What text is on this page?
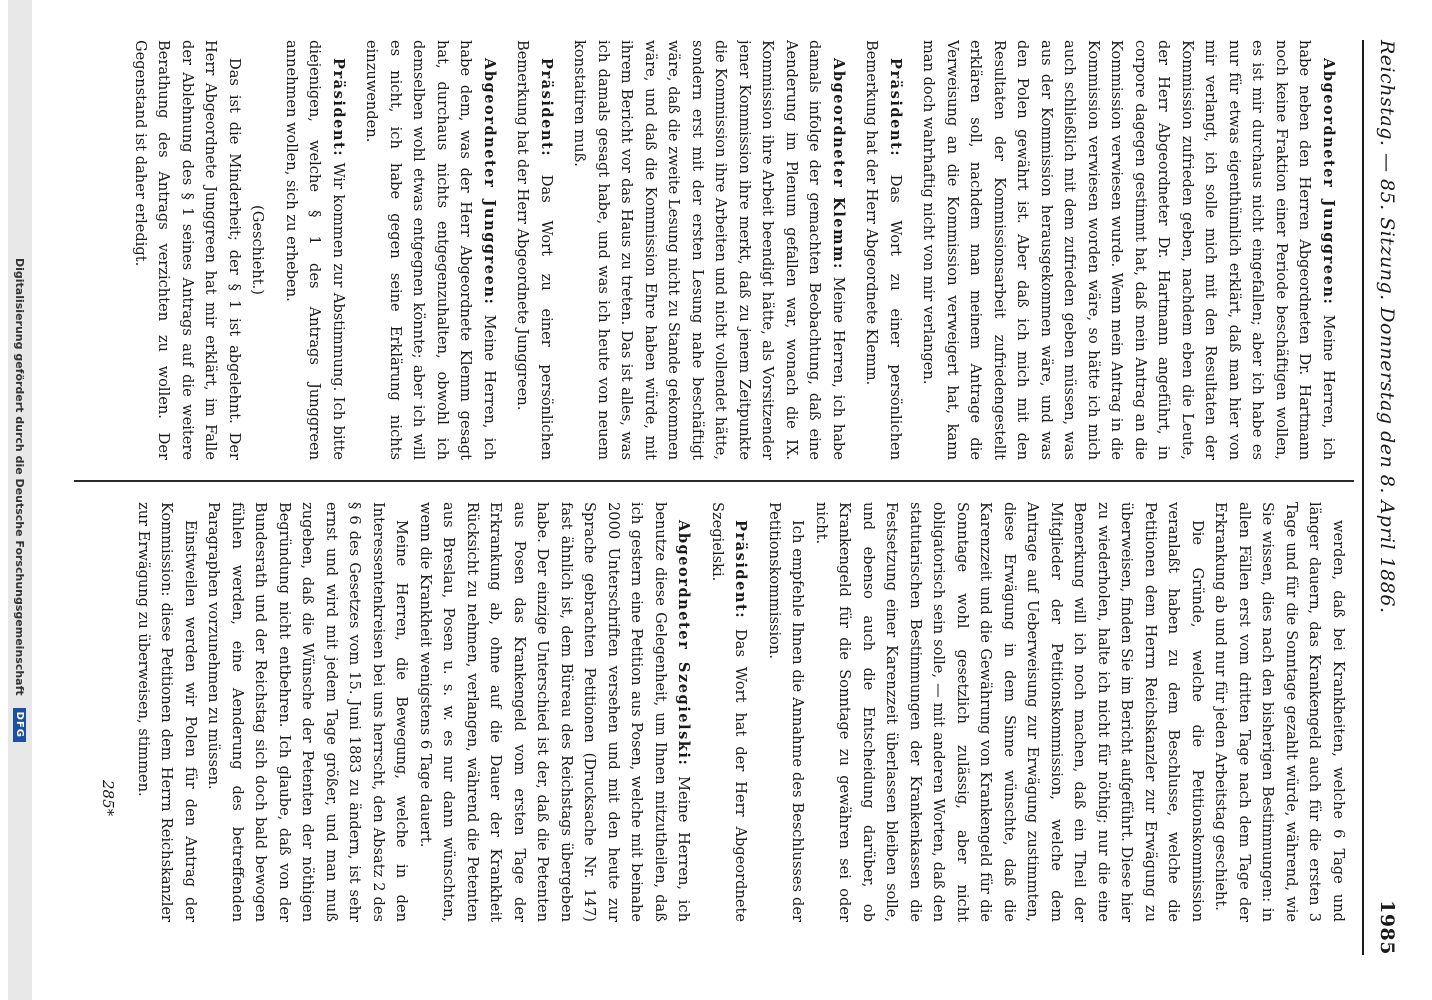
Reichstag. — 85. Sitzung. Donnerstag den 8. April 1886.
1985

Abgeordneter Junggreen: Meine Herren, ich habe neben den Herren Abgeordneten Dr. Hartmann noch keine Fraktion einer Periode beschäftigen wollen, es ist mir durchaus nicht eingefallen; aber ich habe es nur für etwas eigenthümlich erklärt, daß man hier von mir verlangt, ich solle mich mit den Resultaten der Kommission zufrieden geben, nachdem eben die Leute, der Herr Abgeordneter Dr. Hartmann angeführt, in corpore dagegen gestimmt hat, daß mein Antrag an die Kommission verwiesen wurde. Wenn mein Antrag in die Kommission verwiesen worden wäre, so hätte ich mich auch schließlich mit dem zufrieden geben müssen, was aus der Kommission herausgekommen wäre, und was den Polen gewährt ist. Aber daß ich mich mit den Resultaten der Kommissionsarbeit zufriedengestellt erklären soll, nachdem man meinem Antrage die Verweisung an die Kommission verweigert hat, kann man doch wahrhaftig nicht von mir verlangen.

Präsident: Das Wort zu einer persönlichen Bemerkung hat der Herr Abgeordnete Klemm.

Abgeordneter Klemm: Meine Herren, ich habe damals infolge der gemachten Beobachtung, daß eine Aenderung im Plenum gefallen war, wonach die IX. Kommission ihre Arbeit beendigt hätte, als Vorsitzender jener Kommission ihre merkt, daß zu jenem Zeitpunkte die Kommission ihre Arbeiten und nicht vollendet hätte, sondern erst mit der ersten Lesung nahe beschäftigt wäre, daß die zweite Lesung nicht zu Stande gekommen wäre, und daß die Kommission Ehre haben würde, mit ihrem Bericht vor das Haus zu treten. Das ist alles, was ich damals gesagt habe, und was ich heute von neuem konstatiren muß.

Präsident: Das Wort zu einer persönlichen Bemerkung hat der Herr Abgeordnete Junggreen.

Abgeordneter Junggreen: Meine Herren, ich habe dem, was der Herr Abgeordnete Klemm gesagt hat, durchaus nichts entgegenzuhalten, obwohl ich demselben wohl etwas entgegnen könnte; aber ich will es nicht, ich habe gegen seine Erklärung nichts einzuwenden.

Präsident: Wir kommen zur Abstimmung. Ich bitte diejenigen, welche § 1 des Antrags Junggreen annehmen wollen, sich zu erheben.

(Geschieht.)

Das ist die Minderheit; der § 1 ist abgelehnt. Der Herr Abgeordnete Junggreen hat mir erklärt, im Falle der Ablehnung des § 1 seines Antrags auf die weitere Berathung des Antrags verzichten zu wollen. Der Gegenstand ist daher erledigt.

werden, daß bei Krankheiten, welche 6 Tage und länger dauern, das Krankengeld auch für die ersten 3 Tage und für die Sonntage gezahlt würde, während, wie Sie wissen, dies nach den bisherigen Bestimmungen: in allen Fällen erst vom dritten Tage nach dem Tage der Erkrankung ab und nur für jeden Arbeitstag geschieht.

Die Gründe, welche die Petitionskommission veranlaßt haben zu dem Beschlusse, welche die Petitionen dem Herrn Reichskanzler zur Erwägung zu überweisen, finden Sie im Bericht aufgeführt. Diese hier zu wiederholen, halte ich nicht für nöthig; nur die eine Bemerkung will ich noch machen, daß ein Theil der Mitglieder der Petitionskommission, welche dem Antrage auf Ueberweisung zur Erwägung zustimmten, diese Erwägung in dem Sinne wünschte, daß die Karenzzeit und die Gewährung von Krankengeld für die Sonntage wohl gesetzlich zulässig, aber nicht obligatorisch sein solle, — mit anderen Worten, daß den statutarischen Bestimmungen der Krankenkassen die Festsetzung einer Karenzzeit überlassen bleiben solle, und ebenso auch die Entscheidung darüber, ob Krankengeld für die Sonntage zu gewähren sei oder nicht.

Ich empfehle Ihnen die Annahme des Beschlusses der Petitionskommission.

Präsident: Das Wort hat der Herr Abgeordnete Szegielski.

Abgeordneter Szegielski: Meine Herren, ich benutze diese Gelegenheit, um Ihnen mitzutheilen, daß ich gestern eine Petition aus Posen, welche mit beinahe 2000 Unterschriften versehen und mit den heute zur Sprache gebrachten Petitionen (Drucksache Nr. 147) fast ähnlich ist, dem Büreau des Reichstags übergeben habe. Der einzige Unterschied ist der, daß die Petenten aus Posen das Krankengeld vom ersten Tage der Erkrankung ab, ohne auf die Dauer der Krankheit Rücksicht zu nehmen, verlangen, während die Petenten aus Breslau, Posen u. s. w. es nur dann wünschten, wenn die Krankheit wenigstens 6 Tage dauert.

Meine Herren, die Bewegung, welche in den Interessentenkreisen bei uns herrscht, den Absatz 2 des § 6 des Gesetzes vom 15. Juni 1883 zu ändern, ist sehr ernst und wird mit jedem Tage größer, und man muß zugeben, daß die Wünsche der Petenten der nöthigen Begründung nicht entbehren. Ich glaube, daß von der Bundesrath und der Reichstag sich doch bald bewogen fühlen werden, eine Aenderung des betreffenden Paragraphen vorzunehmen zu müssen.

Einstweilen werden wir Polen für den Antrag der Kommission: diese Petitionen dem Herrn Reichskanzler zur Erwägung zu überweisen, stimmen.

285*
Digitalisierung gefördert durch die Deutsche Forschungsgemeinschaft
DFG
